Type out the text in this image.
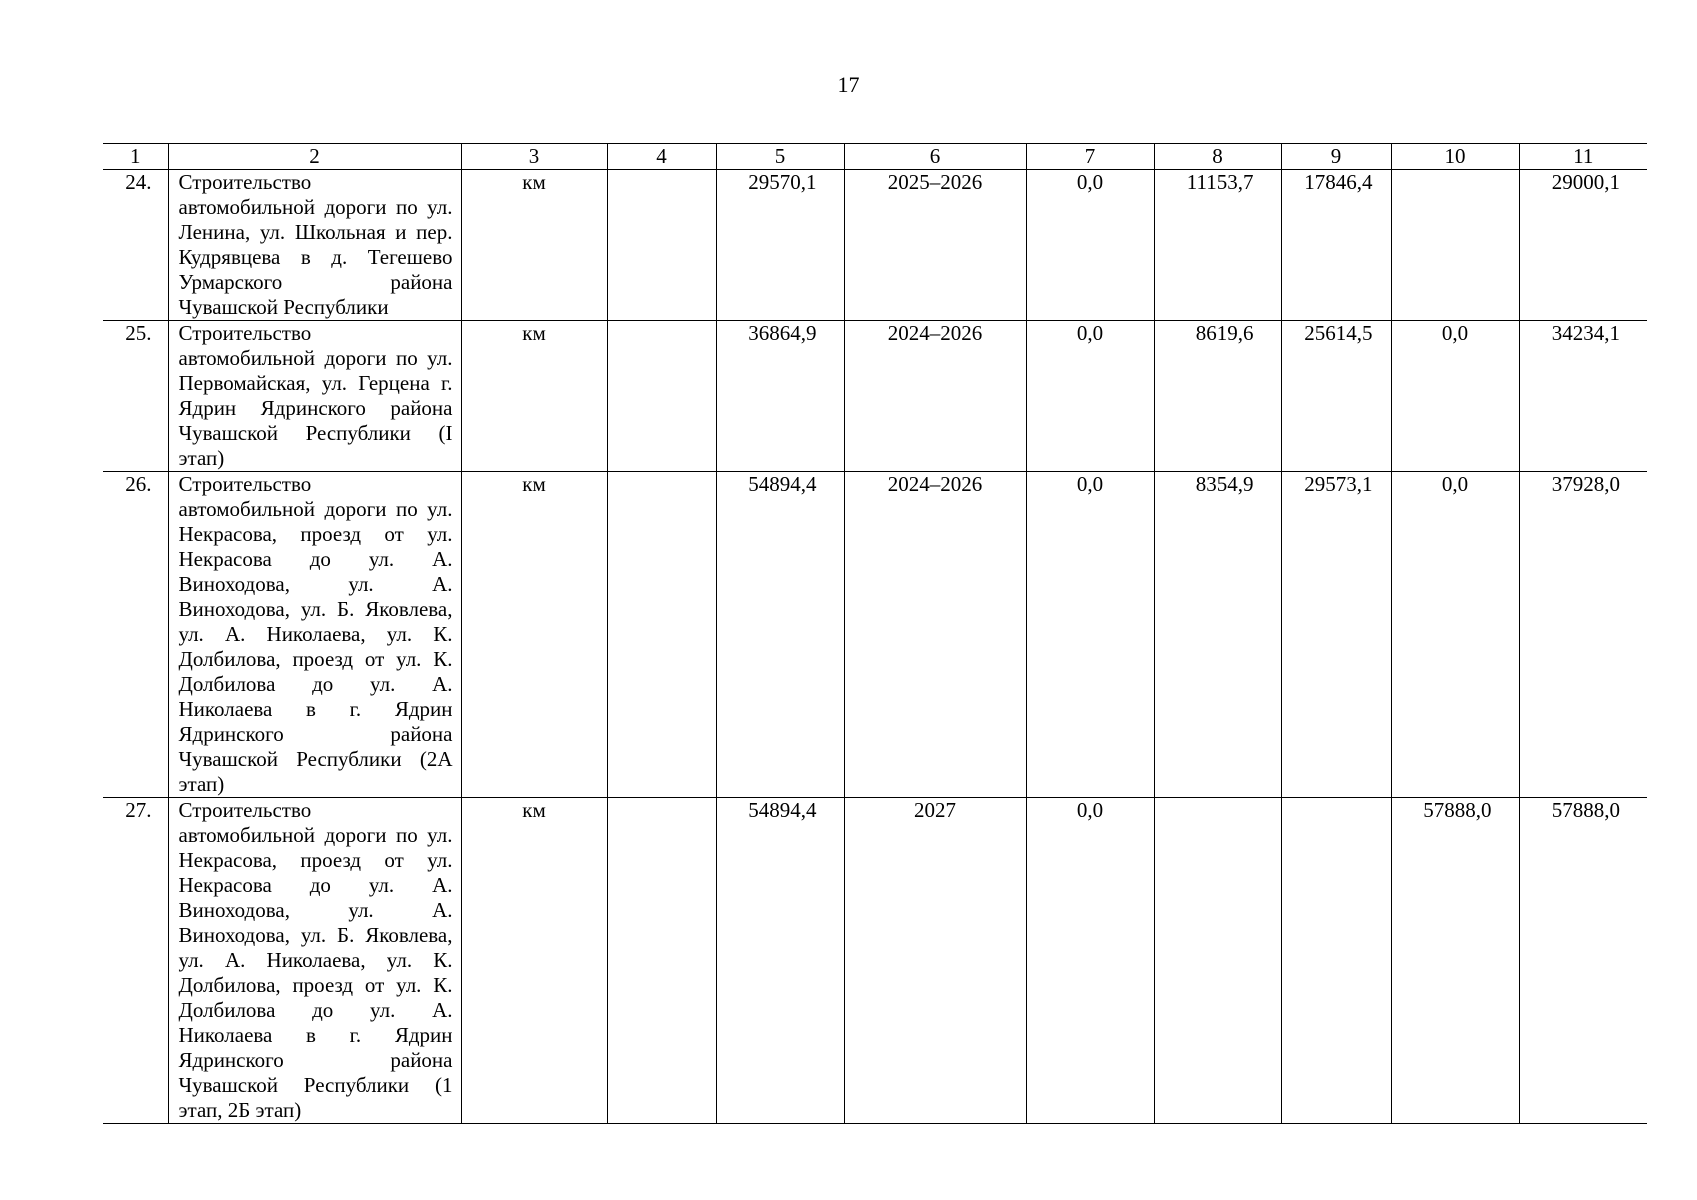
17
1	2	3	4	5	6	7	8	9	10	11
24.	Строительство автомобильной дороги по ул. Ленина, ул. Школьная и пер. Кудрявцева в д. Тегешево Урмарского района Чувашской Республики	км		29570,1	2025–2026	0,0	11153,7	17846,4		29000,1
25.	Строительство автомобильной дороги по ул. Первомайская, ул. Герцена г. Ядрин Ядринского района Чувашской Республики (I этап)	км		36864,9	2024–2026	0,0	8619,6	25614,5	0,0	34234,1
26.	Строительство автомобильной дороги по ул. Некрасова, проезд от ул. Некрасова до ул. А. Виноходова, ул. А. Виноходова, ул. Б. Яковлева, ул. А. Николаева, ул. К. Долбилова, проезд от ул. К. Долбилова до ул. А. Николаева в г. Ядрин Ядринского района Чувашской Республики (2А этап)	км		54894,4	2024–2026	0,0	8354,9	29573,1	0,0	37928,0
27.	Строительство автомобильной дороги по ул. Некрасова, проезд от ул. Некрасова до ул. А. Виноходова, ул. А. Виноходова, ул. Б. Яковлева, ул. А. Николаева, ул. К. Долбилова, проезд от ул. К. Долбилова до ул. А. Николаева в г. Ядрин Ядринского района Чувашской Республики (1 этап, 2Б этап)	км		54894,4	2027	0,0			57888,0	57888,0
